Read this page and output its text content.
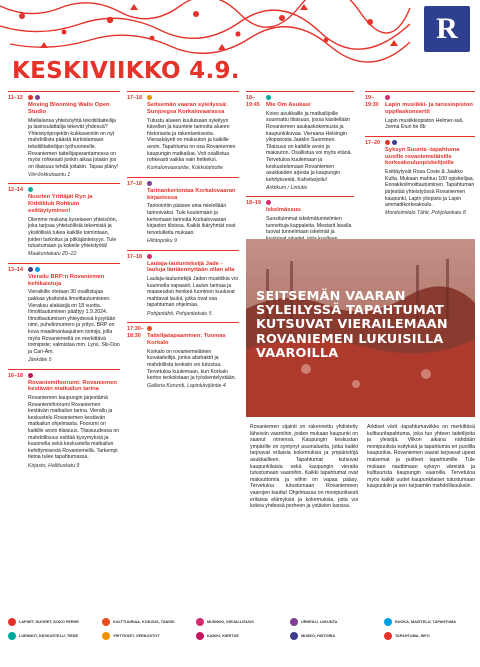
R
KESKIVIIKKO 4.9.
11–13
Moving Blooming Walls Open Studio
Mielialansa yhteisöyhtä tekstiilitaiteilija ja lasinsulattalija tekevät yhdessä? Yhteistyöprojektin kukkaseiniin on nyt mahdollista päästä kurkistamaan tekstiilitaiteilijan työhuoneelle. Rovaniemen taiteilijaparantamossa on myös rohkeasti jonkin aikaa jotakin jos on tilaisuus tehdä joitakin. Tapaa pläny!
Viiri-linkkutaantu 1
12–14
Nuorten Yrittäjät Ryn ja Kiddiklub Rohkuin esittäytyminen!
Olemme mukana kyseiseen yhteisöön, joka tarjoaa yhteisöllisiä tekemisiä ja yksilöllisiä tukea kaikille toimintaan, joiden tarkoitus ja pitkäjänteisyys. Tule tutustumaan ja kokeile yhteistyötä!
Maakuntakatu 20–22
13–14
Vierailu BRP:n Rovaniemen kehikaistuja
Vieraikille otetaan 30 osallistujaa pakkaa yksitoista ilmoittautumiseen. Vieraksu alakäsijä on 18 vuotta. Ilmoittautuminen päättyy 1.9.2024. Ilmoittautumisen yhteydessä kysytään nimi, puhelinnumero ja yritys. BRP on kova maailmanlaajuinen toimija, jolla myös Rovaniemellä on merkittävä toimipiste; valmistaa mm. Lynx, Ski-Doo ja Can-Am.
Jänkätie 5
16–18
Rovaniemifoorumi: Rovaniemen kestävän matkailun tarina
Rovaniemen kaupungin järjestämä Rovaniemifoorumi Rovaniemen kestävän matkailun tarina. Vierailu ja keskustelu Rovaniemen kestävän matkailun ohjelmasta. Foorumi on kaikille avoin tilaisuus. Tilaisuudessa on mahdollisuus esittää kysymyksiä ja kuunnella sekä keskustella matkailun kehittymisestä Rovaniemellä. Tarkempi tietoa tulee tapahtumassa.
Kirjasto, Hallituskatu 9
17–18
Seitsemän vaaran syleilyssä: Sunjoegsa Korkalovaarassa
Tutustu alueen kuuluisaan syleilyyn kävellen ja kuuntele tarinoita alueen historiasta ja rakentamisesta. Vieraskäynti on maksuton ja kaikille avoin. Tapahtuma on osa Rovaniemen kaupungin matkailua. Voit osallistua rohkeasti vaikka vain hetkeksi.
Korkalonvaarantie, Kokkolahtotie
17–18
Tarinankertontaa Korkalovaaran kirjastossa
Tarinointiin pääsee aina mielellään tarinoivaksi. Tule kuulemaan ja kertomaan tarinoita Korkalovaaran kirjaston tiloissa. Kaikki ikäryhmät ovat tervetulleita mukaan.
Hiihtopolku 9
17–18
Laulaja-laulunteksijä Jade - laulujа läntäennyttään ollan alla
Laulaja-lauluntekijä Jaden musiikkia voi kuunnella vapaasti. Laulun tarinaa ja maaseudun henkeä luontoon kuuluvat mahtavat laulut, jotka ovat osa tapahtuman ohjelmaa.
Pohjantähti, Pohjantiekatu 5
17:30–18:30	Taitelijatapaaminen: Tuomas Korkalo
Korkalo on rovaniemeläinen kuvataiteilija, jonka abstraktit ja mahdollista teoksiin voi tutustua. Tervetuloa kuulemaan, kun Korkalo kertoo teoksistaan ja työskentelystään.
Galleria Korundi, Lapinkävijäntie 4
18–
19:45	Mie Om Asukasi
Koiso asukkaille ja matkailijoille suunnattu tilaisuus, jossa käsitellään Rovaniemen asukaskokemusta ja kaupunkikuvaa. Vieraana Helsingin yliopistosta Jaakko Suominen. Tilaisuus on kaikille avoin ja maksuton. Osallistua voi myös etänä. Tervetuloa kuulemaan ja keskustelemaan Rovaniemen asukkaiden arjesta ja kaupungin kehityksestä. Kahvitarjoilu!
Arktikum / Lintutie
18–19
Iskelmässuu
Suosituimmat iskelmätunnelmien tunnettuja kappaleita. Mestarit lavalla tuovat tunnelmaan iskelmät ja
19–
19:30	Lapin musiikki- ja tanssiopiston oppilaskonsertti
Lapin musiikkiopiston Helmer-sali, Jorma Etun tie 8b
17–20
Syksyn Suunta -tapahtuma uusille rovaniemeläisille korkeakouluopiskelijoille
Esittäytyvät Rosa Coste & Jaakko Kulta. Mukaan mahtuu 100 opiskelijaa. Ennakkoilmoittautuminen. Tapahtuman järjestää yhteistyössä Rovaniemen kaupunki, Lapin yliopisto ja Lapin ammattikorkeakoulu.
Monitoimitalo Tähti, Pohjolankatu 8
SEITSEMÄN VAARAN SYLEILYSSÄ TAPAHTUMAT KUTSUVAT VIERAILEMAAN ROVANIEMEN LUKUISILLA VAAROILLA
Rovaniemen sijainti on rakennettu yhdistetty läheisiin vaaroihin, joiden mukaan kaupunki on saanut nimensä. Kaupungin keskustan ympärille on syntynyt asuinalueita, jotka kaikki tarjoavat erilaisia kokemuksia ja ympäristöjä asukkailleen. Tapahtumat kutsuvat kaupunkilaisia sekä kaupungin vieraita tutustumaan vaaroihin. Kaikki tapahtumat ovat maksuttomia ja niihin on vapaa pääsy. Tervetuloa tutustumaan Rovaniemeen vaarojen kautta! Ohjelmassa on monipuolisesti erilaisia elämyksiä ja kokemuksia, joita voi kokea yhdessä perheen ja ystävien kanssa.
Arktiset värit -tapahtumaviikko on merkittävä kulttuuritapahtuma, joka tuo yhteen taiteilijoita ja yleisöjä. Viikon aikana nähdään monipuolisia esityksiä ja tapahtumia eri puolilla kaupunkia. Rovaniemen vaarat tarjoavat upeat maisemat ja puitteet tapahtumille. Tule mukaan nauttimaan syksyn väreistä ja kulttuurista kaupungin vaaroilla. Tervetuloa myös kaikki uudet kaupunkilaiset tutustumaan kaupunkiin ja sen tarjoamiin mahdollisuuksiin.
LAPSET, NUORET, KOKO PERHE	KULTTUURIAA, KOKOUS, TANSSI	MUSIIKKI, KIRJALLISUUS	URHEILU, LIIKUNTA	RUOKA, MAISTELU, TAPAHTUMA
LUENNOT, KESKUSTELU, TIEDE	YRITYKSET, VERKOSTOT	KAIKKI, KIERTUE	MUSEO, HISTORIA	TAPAHTUMA, INFO
